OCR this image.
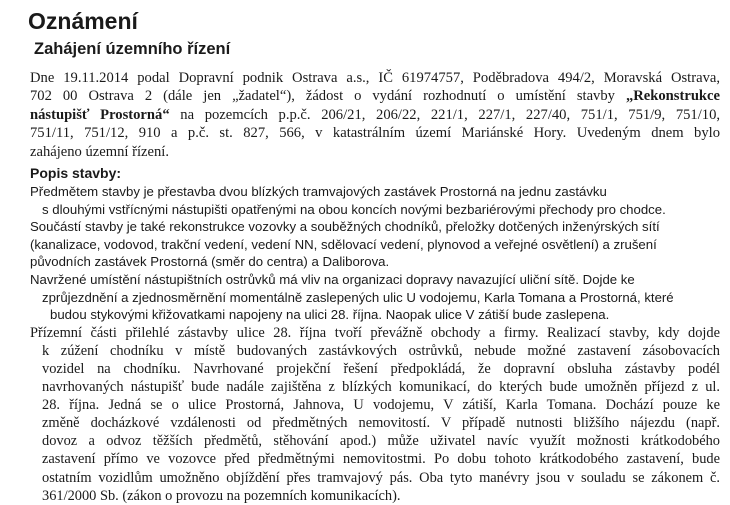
Oznámení
Zahájení územního řízení
Dne 19.11.2014 podal Dopravní podnik Ostrava a.s., IČ 61974757, Poděbradova 494/2, Moravská Ostrava,
702 00 Ostrava 2 (dále jen „žadatel“), žádost o vydání rozhodnutí o umístění stavby „Rekonstrukce
nástupišť Prostorná“ na pozemcích p.p.č. 206/21, 206/22, 221/1, 227/1, 227/40, 751/1, 751/9, 751/10,
751/11, 751/12, 910 a p.č. st. 827, 566, v katastrálním území Mariánské Hory. Uvedeným dnem bylo
zahájeno územní řízení.
Popis stavby:
Předmětem stavby je přestavba dvou blízkých tramvajových zastávek Prostorná na jednu zastávku
s dlouhými vstřícnými nástupišti opatřenými na obou koncích novými bezbariérovými přechody pro chodce.
Součástí stavby je také rekonstrukce vozovky a souběžných chodníků, přeložky dotčených inženýrských sítí
(kanalizace, vodovod, trakční vedení, vedení NN, sdělovací vedení, plynovod a veřejné osvětlení) a zrušení
původních zastávek Prostorná (směr do centra) a Daliborova.
Navržené umístění nástupištních ostrůvků má vliv na organizaci dopravy navazující uliční sítě. Dojde ke
zprůjezdnění a zjednosměrnění momentálně zaslepených ulic U vodojemu, Karla Tomana a Prostorná, které
budou stykovými křižovatkami napojeny na ulici 28. října. Naopak ulice V zátiší bude zaslepena.
Přízemní části přilehlé zástavby ulice 28. října tvoří převážně obchody a firmy. Realizací stavby, kdy dojde
k zúžení chodníku v místě budovaných zastávkových ostrůvků, nebude možné zastavení zásobovacích
vozidel na chodníku. Navrhované projekční řešení předpokládá, že dopravní obsluha zástavby podél
navrhovaných nástupišť bude nadále zajištěna z blízkých komunikací, do kterých bude umožněn příjezd z ul.
28. října. Jedná se o ulice Prostorná, Jahnova, U vodojemu, V zátiší, Karla Tomana. Dochází pouze ke
změně docházkové vzdálenosti od předmětných nemovitostí. V případě nutnosti bližšího nájezdu (např.
dovoz a odvoz těžších předmětů, stěhování apod.) může uživatel navíc využít možnosti krátkodobého
zastavení přímo ve vozovce před předmětnými nemovitostmi. Po dobu tohoto krátkodobého zastavení, bude
ostatním vozidlům umožněno objíždění přes tramvajový pás. Oba tyto manévry jsou v souladu se zákonem č.
361/2000 Sb. (zákon o provozu na pozemních komunikacích).
